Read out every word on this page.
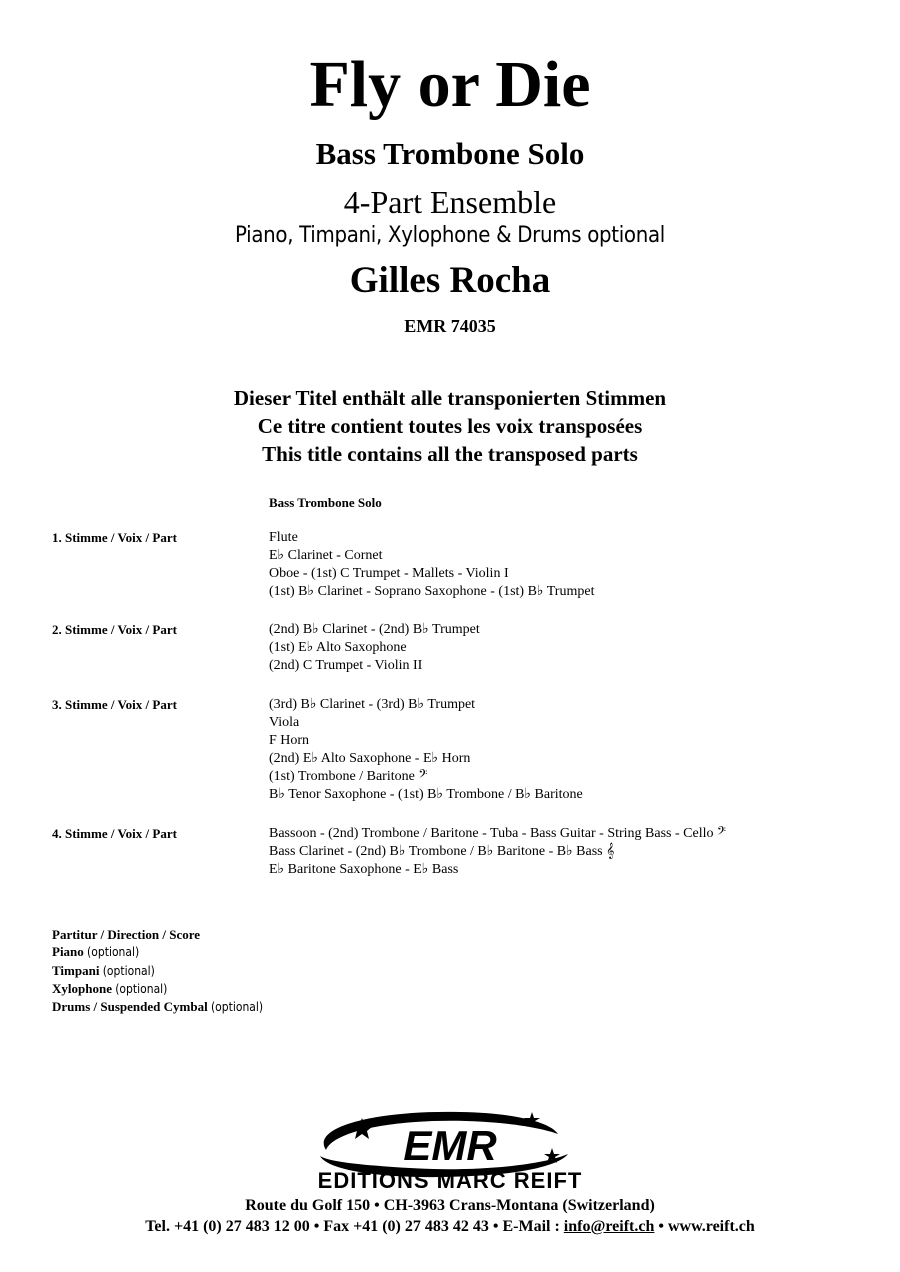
Fly or Die
Bass Trombone Solo
4-Part Ensemble
Piano, Timpani, Xylophone & Drums optional
Gilles Rocha
EMR 74035
Dieser Titel enthält alle transponierten Stimmen
Ce titre contient toutes les voix transposées
This title contains all the transposed parts
Bass Trombone Solo
1. Stimme / Voix / Part	Flute
E♭ Clarinet - Cornet
Oboe - (1st) C Trumpet - Mallets - Violin I
(1st) B♭ Clarinet - Soprano Saxophone - (1st) B♭ Trumpet
2. Stimme / Voix / Part	(2nd) B♭ Clarinet - (2nd) B♭ Trumpet
(1st) E♭ Alto Saxophone
(2nd) C Trumpet - Violin II
3. Stimme / Voix / Part	(3rd) B♭ Clarinet - (3rd) B♭ Trumpet
Viola
F Horn
(2nd) E♭ Alto Saxophone - E♭ Horn
(1st) Trombone / Baritone 𝄢
B♭ Tenor Saxophone - (1st) B♭ Trombone / B♭ Baritone
4. Stimme / Voix / Part	Bassoon - (2nd) Trombone / Baritone - Tuba - Bass Guitar - String Bass - Cello 𝄢
Bass Clarinet - (2nd) B♭ Trombone / B♭ Baritone - B♭ Bass 𝄞
E♭ Baritone Saxophone - E♭ Bass
Partitur / Direction / Score
Piano (optional)
Timpani (optional)
Xylophone (optional)
Drums / Suspended Cymbal (optional)
EMR
EDITIONS MARC REIFT
Route du Golf 150 • CH-3963 Crans-Montana (Switzerland)
Tel. +41 (0) 27 483 12 00 • Fax +41 (0) 27 483 42 43 • E-Mail : info@reift.ch • www.reift.ch
